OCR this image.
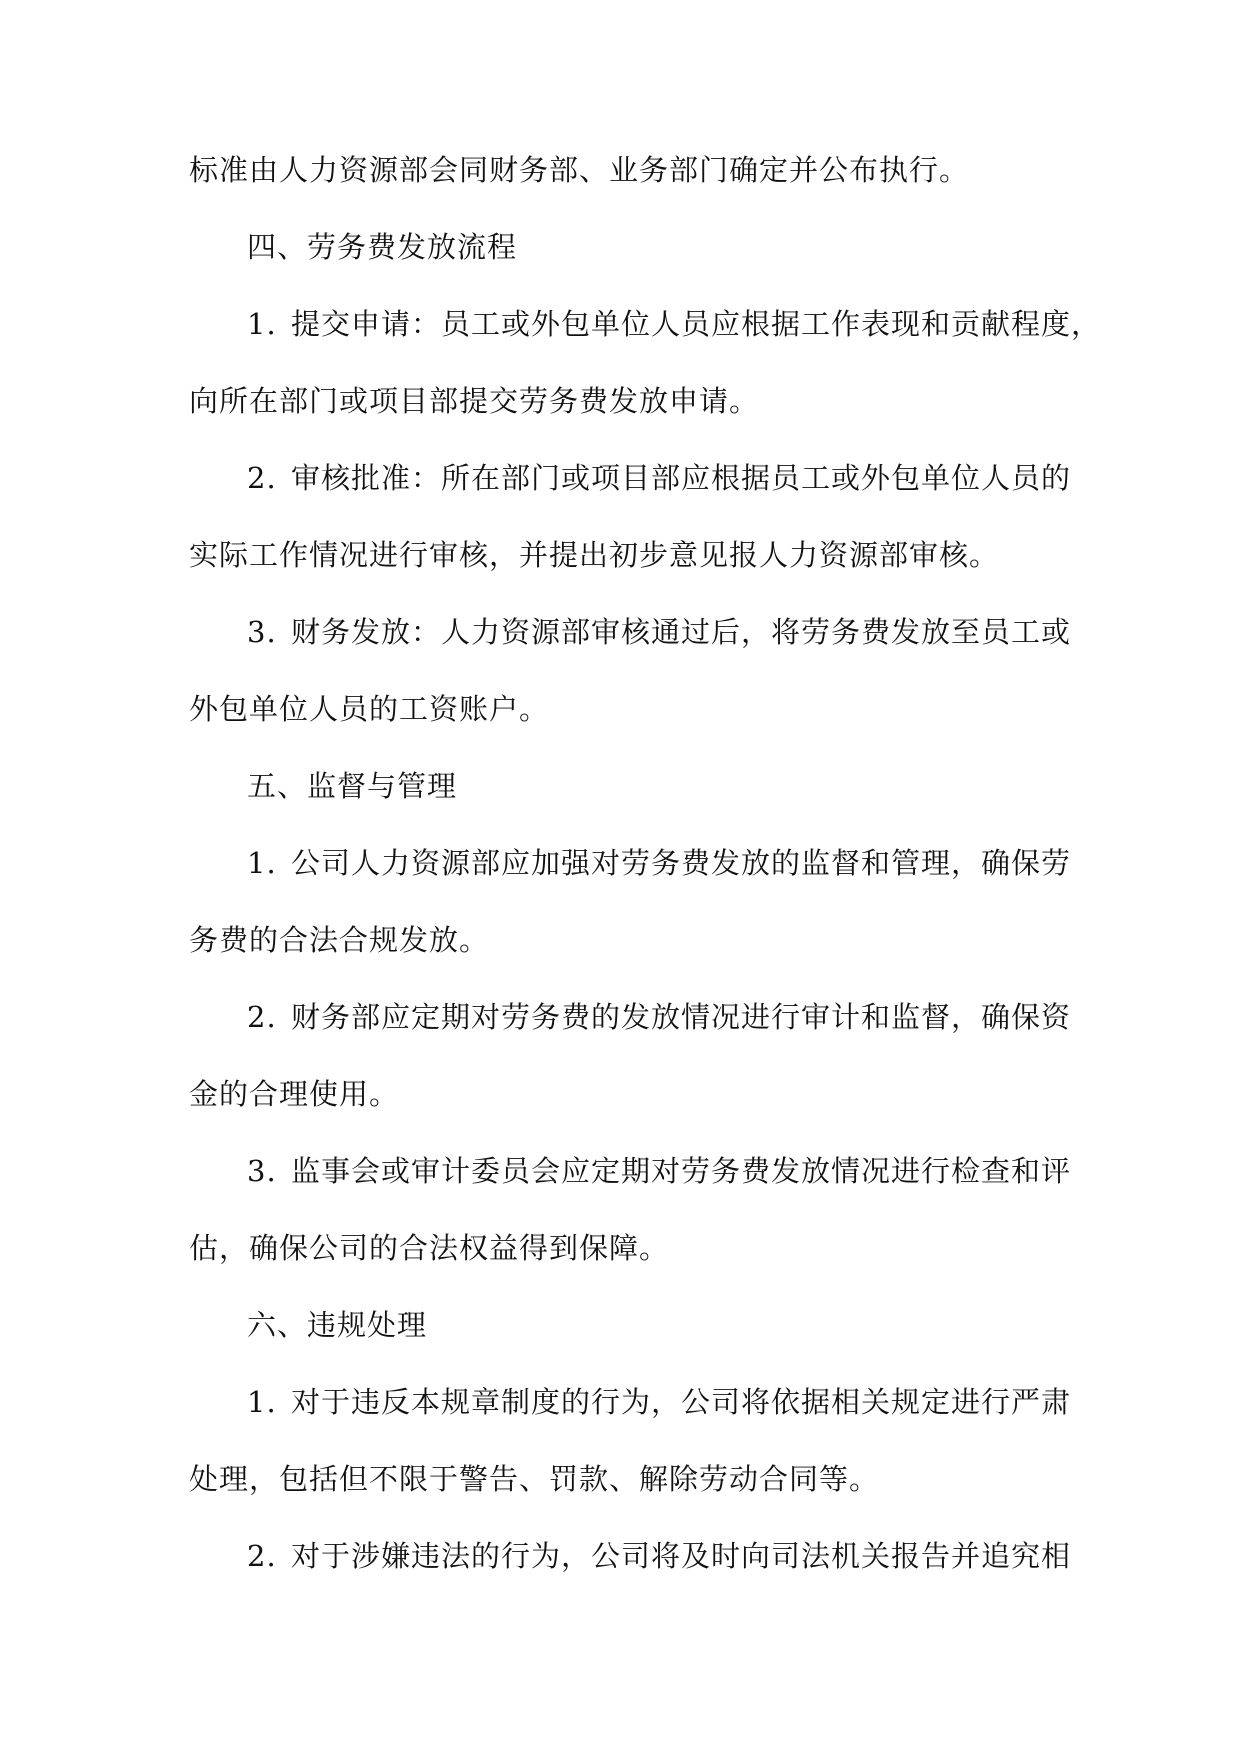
标准由人力资源部会同财务部、业务部门确定并公布执行。
四、劳务费发放流程
1. 提交申请：员工或外包单位人员应根据工作表现和贡献程度，
向所在部门或项目部提交劳务费发放申请。
2. 审核批准：所在部门或项目部应根据员工或外包单位人员的
实际工作情况进行审核，并提出初步意见报人力资源部审核。
3. 财务发放：人力资源部审核通过后，将劳务费发放至员工或
外包单位人员的工资账户。
五、监督与管理
1. 公司人力资源部应加强对劳务费发放的监督和管理，确保劳
务费的合法合规发放。
2. 财务部应定期对劳务费的发放情况进行审计和监督，确保资
金的合理使用。
3. 监事会或审计委员会应定期对劳务费发放情况进行检查和评
估，确保公司的合法权益得到保障。
六、违规处理
1. 对于违反本规章制度的行为，公司将依据相关规定进行严肃
处理，包括但不限于警告、罚款、解除劳动合同等。
2. 对于涉嫌违法的行为，公司将及时向司法机关报告并追究相
